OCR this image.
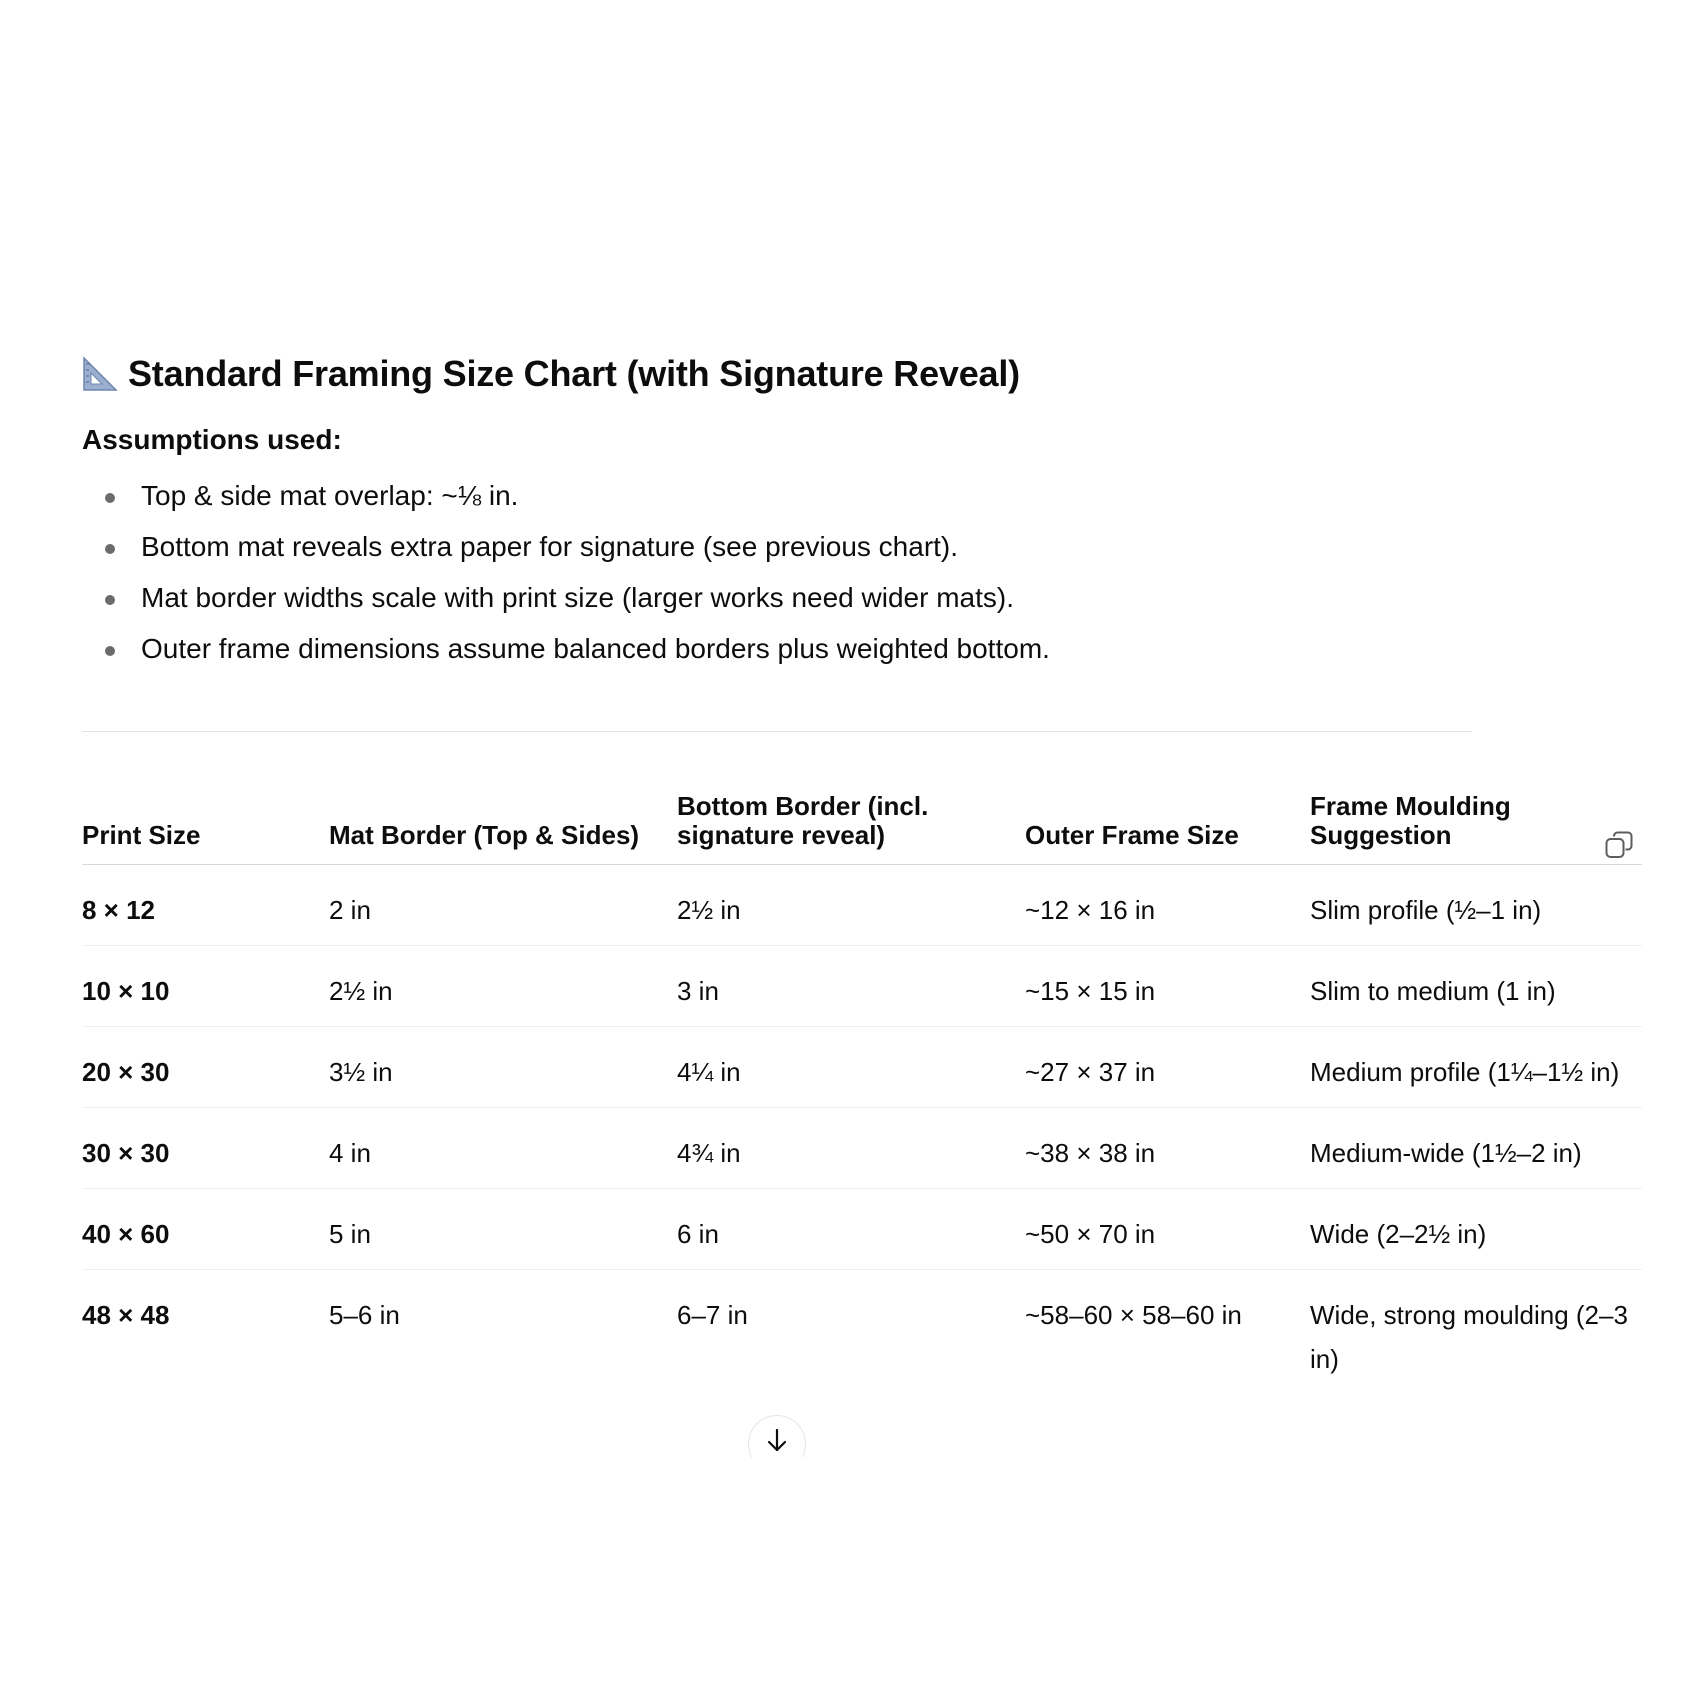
Standard Framing Size Chart (with Signature Reveal)
Assumptions used:
Top & side mat overlap: ~⅛ in.
Bottom mat reveals extra paper for signature (see previous chart).
Mat border widths scale with print size (larger works need wider mats).
Outer frame dimensions assume balanced borders plus weighted bottom.
Print Size	Mat Border (Top & Sides)	Bottom Border (incl. signature reveal)	Outer Frame Size	Frame Moulding Suggestion
8 × 12	2 in	2½ in	~12 × 16 in	Slim profile (½–1 in)
10 × 10	2½ in	3 in	~15 × 15 in	Slim to medium (1 in)
20 × 30	3½ in	4¼ in	~27 × 37 in	Medium profile (1¼–1½ in)
30 × 30	4 in	4¾ in	~38 × 38 in	Medium-wide (1½–2 in)
40 × 60	5 in	6 in	~50 × 70 in	Wide (2–2½ in)
48 × 48	5–6 in	6–7 in	~58–60 × 58–60 in	Wide, strong moulding (2–3 in)
